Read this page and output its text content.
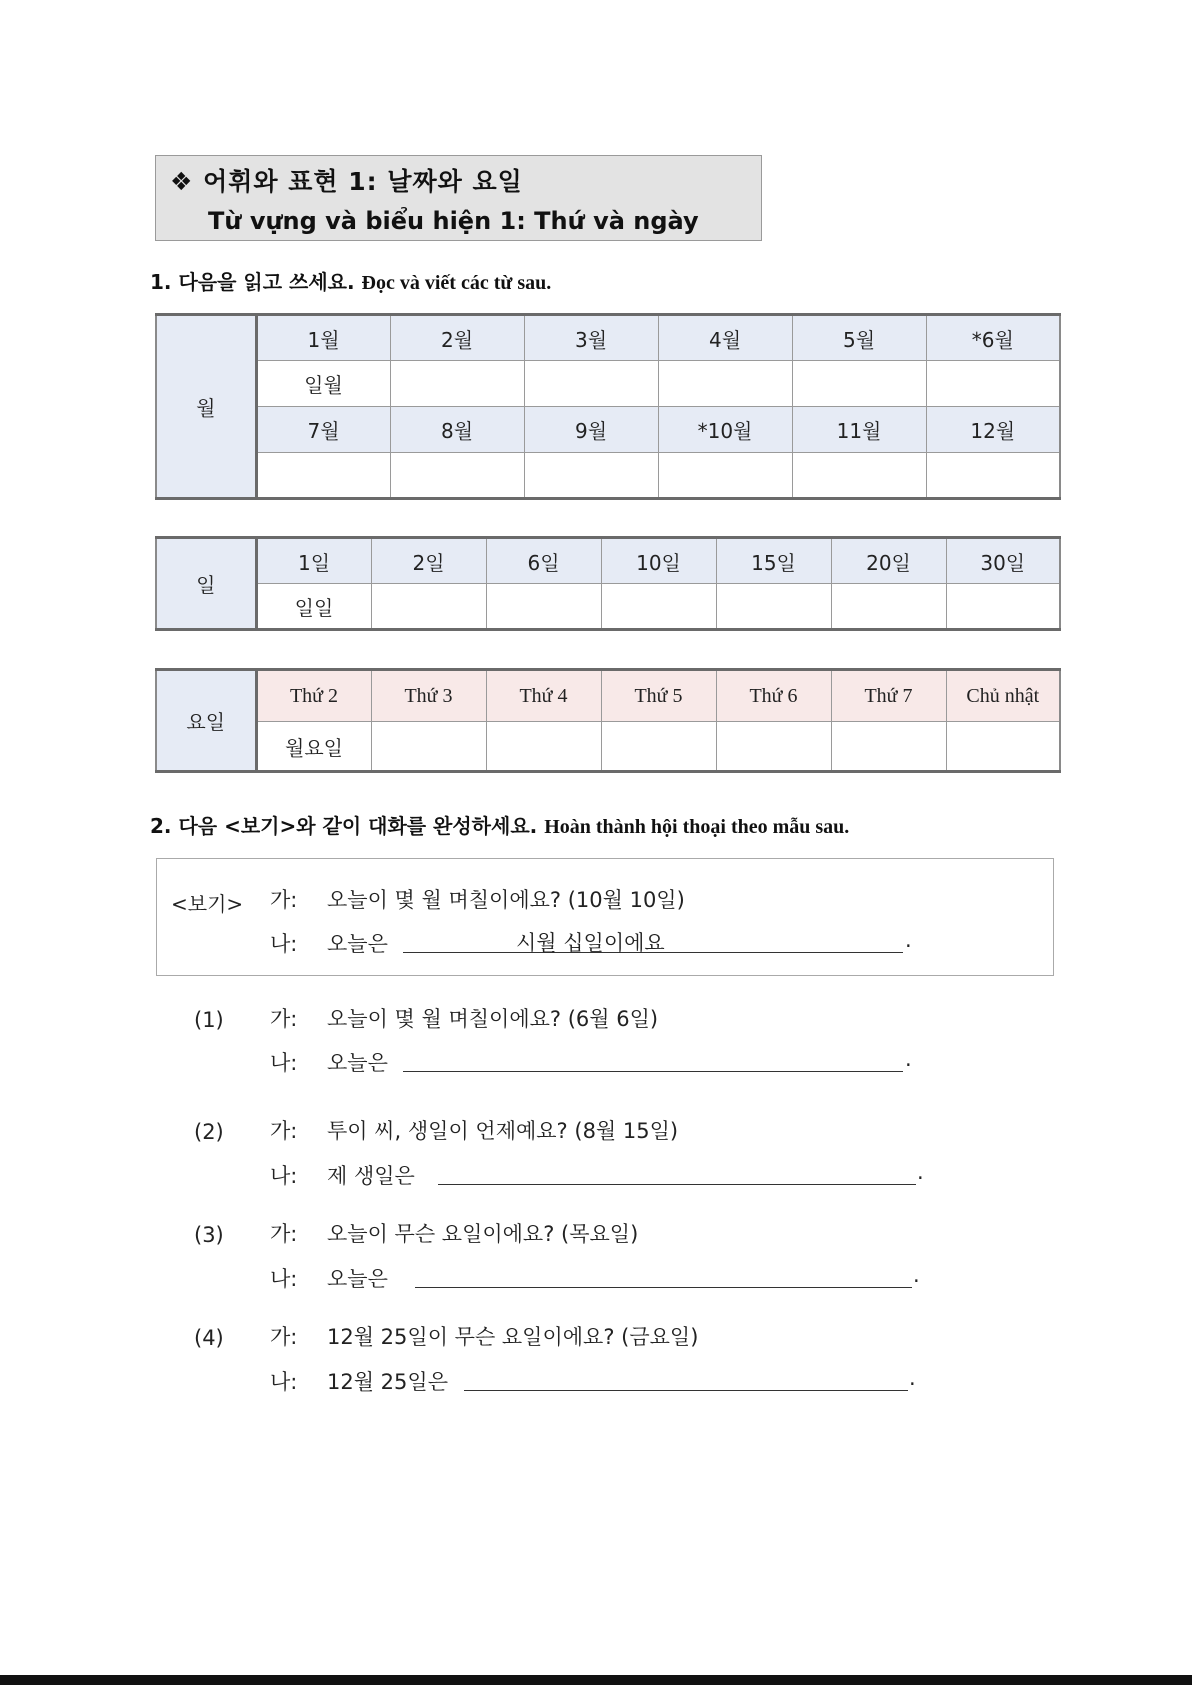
❖ 어휘와 표현 1: 날짜와 요일
Từ vựng và biểu hiện 1: Thứ và ngày
1. 다음을 읽고 쓰세요. Đọc và viết các từ sau.
월	1월	2월	3월	4월	5월	*6월
	일월					
	7월	8월	9월	*10월	11월	12월

일	1일	2일	6일	10일	15일	20일	30일
	일일						
요일	Thứ 2	Thứ 3	Thứ 4	Thứ 5	Thứ 6	Thứ 7	Chủ nhật
	월요일						
2. 다음 <보기>와 같이 대화를 완성하세요. Hoàn thành hội thoại theo mẫu sau.
<보기> 가: 오늘이 몇 월 며칠이에요? (10월 10일)
나: 오늘은	시월 십일이에요	.
(1) 가: 오늘이 몇 월 며칠이에요? (6월 6일)
나: 오늘은	.
(2) 가: 투이 씨, 생일이 언제예요? (8월 15일)
나: 제 생일은	.
(3) 가: 오늘이 무슨 요일이에요? (목요일)
나: 오늘은	.
(4) 가: 12월 25일이 무슨 요일이에요? (금요일)
나: 12월 25일은	.
